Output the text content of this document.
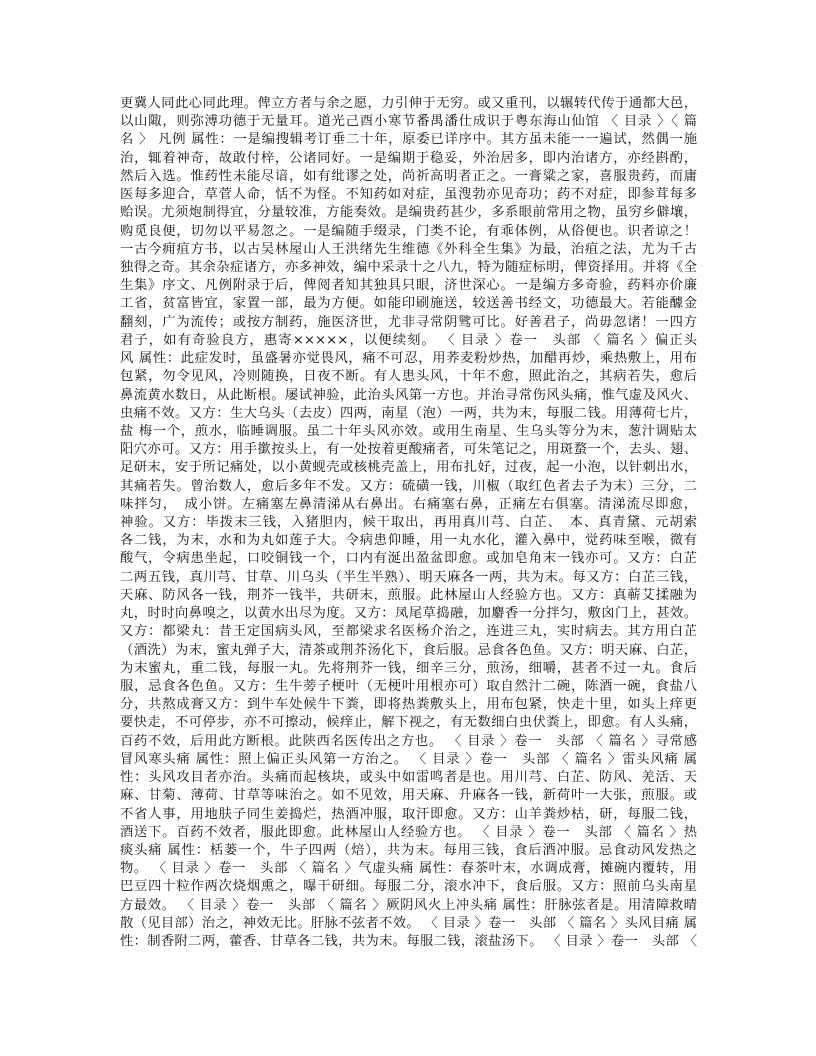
更冀人同此心同此理。俾立方者与余之愿，力引伸于无穷。或又重刊，以辗转代传于通都大邑，
以山陬，则弥溥功德于无量耳。道光己酉小寒节番禺潘仕成识于粤东海山仙馆 〈 目录 〉〈 篇
名 〉 凡例 属性：一是编搜辑考订垂二十年，原委已详序中。其方虽未能一一遍试，然偶一施
治，辄着神奇，故敢付梓，公诸同好。一是编期于稳妥，外治居多，即内治诸方，亦经斟酌，
然后入选。惟药性未能尽谙，如有纰谬之处，尚祈高明者正之。一膏粱之家，喜服贵药，而庸
医每多迎合，草菅人命，恬不为怪。不知药如对症，虽溲勃亦见奇功；药不对症，即参茸每多
贻误。尤须炮制得宜，分量较准，方能奏效。是编贵药甚少，多系眼前常用之物，虽穷乡僻壤，
购觅良便，切勿以平易忽之。一是编随手缀录，门类不论，有乖体例，从俗便也。识者谅之！
一古今痈疽方书，以古吴林屋山人王洪绪先生维德《外科全生集》为最，治疽之法，尤为千古
独得之奇。其余杂症诸方，亦多神效，编中采录十之八九，特为随症标明，俾资择用。并将《全
生集》序文、凡例附录于后，俾阅者知其独具只眼，济世深心。一是编方多奇验，药料亦价廉
工省，贫富皆宜，家置一部，最为方便。如能印刷施送，较送善书经文，功德最大。若能醵金
翻刻，广为流传；或按方制药，施医济世，尤非寻常阴骘可比。好善君子，尚毋忽诸！一四方
君子，如有奇验良方，惠寄×××××，以便续刻。 〈 目录 〉卷一　头部 〈 篇名 〉偏正头
风 属性：此症发时，虽盛暑亦觉畏风，痛不可忍，用荞麦粉炒热，加醋再炒，乘热敷上，用布
包紧，勿令见风，冷则随换，日夜不断。有人患头风，十年不愈，照此治之，其病若失，愈后
鼻流黄水数日，从此断根。屡试神验，此治头风第一方也。并治寻常伤风头痛，惟气虚及风火、
虫痛不效。又方：生大乌头（去皮）四两，南星（泡）一两，共为末，每服二钱。用薄荷七片，
盐 梅一个，煎水，临睡调服。虽二十年头风亦效。或用生南星、生乌头等分为末，葱汁调贴太
阳穴亦可。又方：用手撳按头上，有一处按着更酸痛者，可朱笔记之，用斑蝥一个，去头、翅、
足研末，安于所记痛处，以小黄蚬壳或核桃壳盖上，用布扎好，过夜，起一小泡，以针刺出水，
其痛若失。曾治数人，愈后多年不发。又方：硫磺一钱，川椒（取红色者去子为末）三分，二
味拌匀，　成小饼。左痛塞左鼻清涕从右鼻出。右痛塞右鼻，正痛左右俱塞。清涕流尽即愈，
神验。又方：毕拨末三钱，入猪胆内，候干取出，再用真川芎、白芷、　本、真青黛、元胡索
各二钱，为末，水和为丸如莲子大。令病患仰睡，用一丸水化，灌入鼻中，觉药味至喉，微有
酸气，令病患坐起，口咬铜钱一个，口内有涎出盈盆即愈。或加皂角末一钱亦可。又方：白芷
二两五钱，真川芎、甘草、川乌头（半生半熟）、明天麻各一两，共为末。每又方：白芷三钱，
天麻、防风各一钱，荆芥一钱半，共研末，煎服。此林屋山人经验方也。又方：真蕲艾揉融为
丸，时时向鼻嗅之，以黄水出尽为度。又方：凤尾草捣融，加麝香一分拌匀，敷囟门上，甚效。
又方：都梁丸：昔王定国病头风，至都梁求名医杨介治之，连进三丸，实时病去。其方用白芷
（酒洗）为末，蜜丸弹子大，清茶或荆芥汤化下，食后服。忌食各色鱼。又方：明天麻、白芷，
为末蜜丸，重二钱，每服一丸。先将荆芥一钱，细辛三分，煎汤，细嚼，甚者不过一丸。食后
服，忌食各色鱼。又方：生牛蒡子梗叶（无梗叶用根亦可）取自然汁二碗，陈酒一碗，食盐八
分，共熬成膏又方：到牛车处候牛下粪，即将热粪敷头上，用布包紧，快走十里，如头上痒更
要快走，不可停步，亦不可擦动，候痒止，解下视之，有无数细白虫伏粪上，即愈。有人头痛，
百药不效，后用此方断根。此陕西名医传出之方也。 〈 目录 〉卷一　头部 〈 篇名 〉寻常感
冒风寒头痛 属性：照上偏正头风第一方治之。 〈 目录 〉卷一　头部 〈 篇名 〉雷头风痛 属
性：头风攻目者亦治。头痛而起核块，或头中如雷鸣者是也。用川芎、白芷、防风、羌活、天
麻、甘菊、薄荷、甘草等味治之。如不见效，用天麻、升麻各一钱，新荷叶一大张，煎服。或
不省人事，用地肤子同生姜捣烂，热酒冲服，取汗即愈。又方：山羊粪炒枯，研，每服二钱，
酒送下。百药不效者，服此即愈。此林屋山人经验方也。 〈 目录 〉卷一　头部 〈 篇名 〉热
痰头痛 属性：栝蒌一个，牛子四两（焙），共为末。每用三钱，食后酒冲服。忌食动风发热之
物。 〈 目录 〉卷一　头部 〈 篇名 〉气虚头痛 属性：春茶叶末，水调成膏，摊碗内覆转，用
巴豆四十粒作两次烧烟熏之，曝干研细。每服二分，滚水冲下，食后服。又方：照前乌头南星
方最效。 〈 目录 〉卷一　头部 〈 篇名 〉厥阴风火上冲头痛 属性：肝脉弦者是。用清障救晴
散（见目部）治之，神效无比。肝脉不弦者不效。 〈 目录 〉卷一　头部 〈 篇名 〉头风目痛 属
性：制香附二两，藿香、甘草各二钱，共为末。每服二钱，滚盐汤下。 〈 目录 〉卷一　头部 〈
